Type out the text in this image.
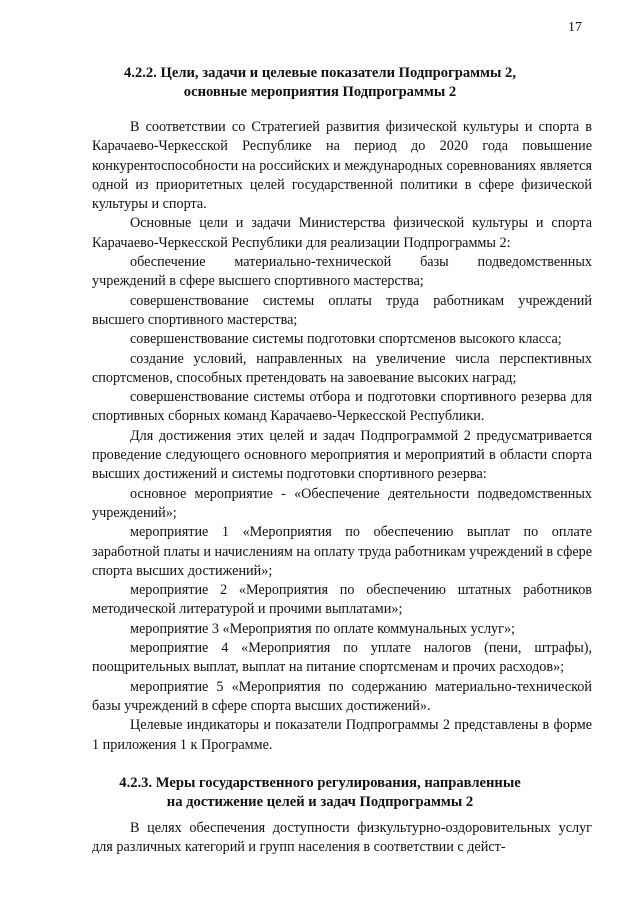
17
4.2.2. Цели, задачи и целевые показатели Подпрограммы 2,
основные мероприятия Подпрограммы 2

В соответствии со Стратегией развития физической культуры и спорта в Карачаево-Черкесской Республике на период до 2020 года повышение конкурентоспособности на российских и международных соревнованиях является одной из приоритетных целей государственной политики в сфере физической культуры и спорта.

Основные цели и задачи Министерства физической культуры и спорта Карачаево-Черкесской Республики для реализации Подпрограммы 2:

обеспечение материально-технической базы подведомственных учреждений в сфере высшего спортивного мастерства;

совершенствование системы оплаты труда работникам учреждений высшего спортивного мастерства;

совершенствование системы подготовки спортсменов высокого класса;

создание условий, направленных на увеличение числа перспективных спортсменов, способных претендовать на завоевание высоких наград;

совершенствование системы отбора и подготовки спортивного резерва для спортивных сборных команд Карачаево-Черкесской Республики.

Для достижения этих целей и задач Подпрограммой 2 предусматривается проведение следующего основного мероприятия и мероприятий в области спорта высших достижений и системы подготовки спортивного резерва:

основное мероприятие - «Обеспечение деятельности подведомственных учреждений»;

мероприятие 1 «Мероприятия по обеспечению выплат по оплате заработной платы и начислениям на оплату труда работникам учреждений в сфере спорта высших достижений»;

мероприятие 2 «Мероприятия по обеспечению штатных работников методической литературой и прочими выплатами»;

мероприятие 3 «Мероприятия по оплате коммунальных услуг»;

мероприятие 4 «Мероприятия по уплате налогов (пени, штрафы), поощрительных выплат, выплат на питание спортсменам и прочих расходов»;

мероприятие 5 «Мероприятия по содержанию материально-технической базы учреждений в сфере спорта высших достижений».

Целевые индикаторы и показатели Подпрограммы 2 представлены в форме 1 приложения 1 к Программе.

4.2.3. Меры государственного регулирования, направленные
на достижение целей и задач Подпрограммы 2

В целях обеспечения доступности физкультурно-оздоровительных услуг для различных категорий и групп населения в соответствии с дейст-
